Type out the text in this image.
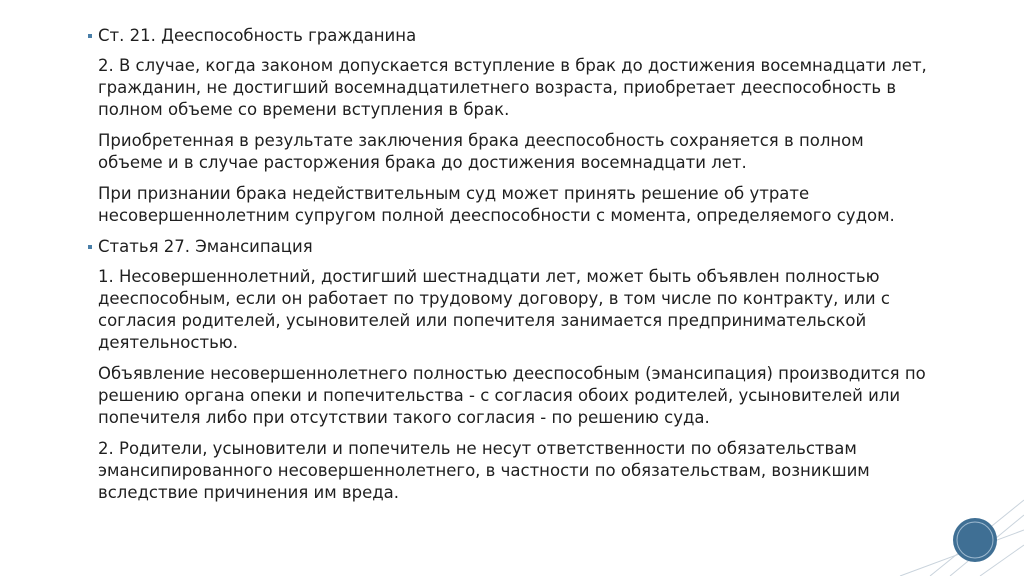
Ст. 21. Дееспособность гражданина

2. В случае, когда законом допускается вступление в брак до достижения восемнадцати лет, гражданин, не достигший восемнадцатилетнего возраста, приобретает дееспособность в полном объеме со времени вступления в брак.

Приобретенная в результате заключения брака дееспособность сохраняется в полном объеме и в случае расторжения брака до достижения восемнадцати лет.

При признании брака недействительным суд может принять решение об утрате несовершеннолетним супругом полной дееспособности с момента, определяемого судом.

Статья 27. Эмансипация

1. Несовершеннолетний, достигший шестнадцати лет, может быть объявлен полностью дееспособным, если он работает по трудовому договору, в том числе по контракту, или с согласия родителей, усыновителей или попечителя занимается предпринимательской деятельностью.

Объявление несовершеннолетнего полностью дееспособным (эмансипация) производится по решению органа опеки и попечительства - с согласия обоих родителей, усыновителей или попечителя либо при отсутствии такого согласия - по решению суда.

2. Родители, усыновители и попечитель не несут ответственности по обязательствам эмансипированного несовершеннолетнего, в частности по обязательствам, возникшим вследствие причинения им вреда.
